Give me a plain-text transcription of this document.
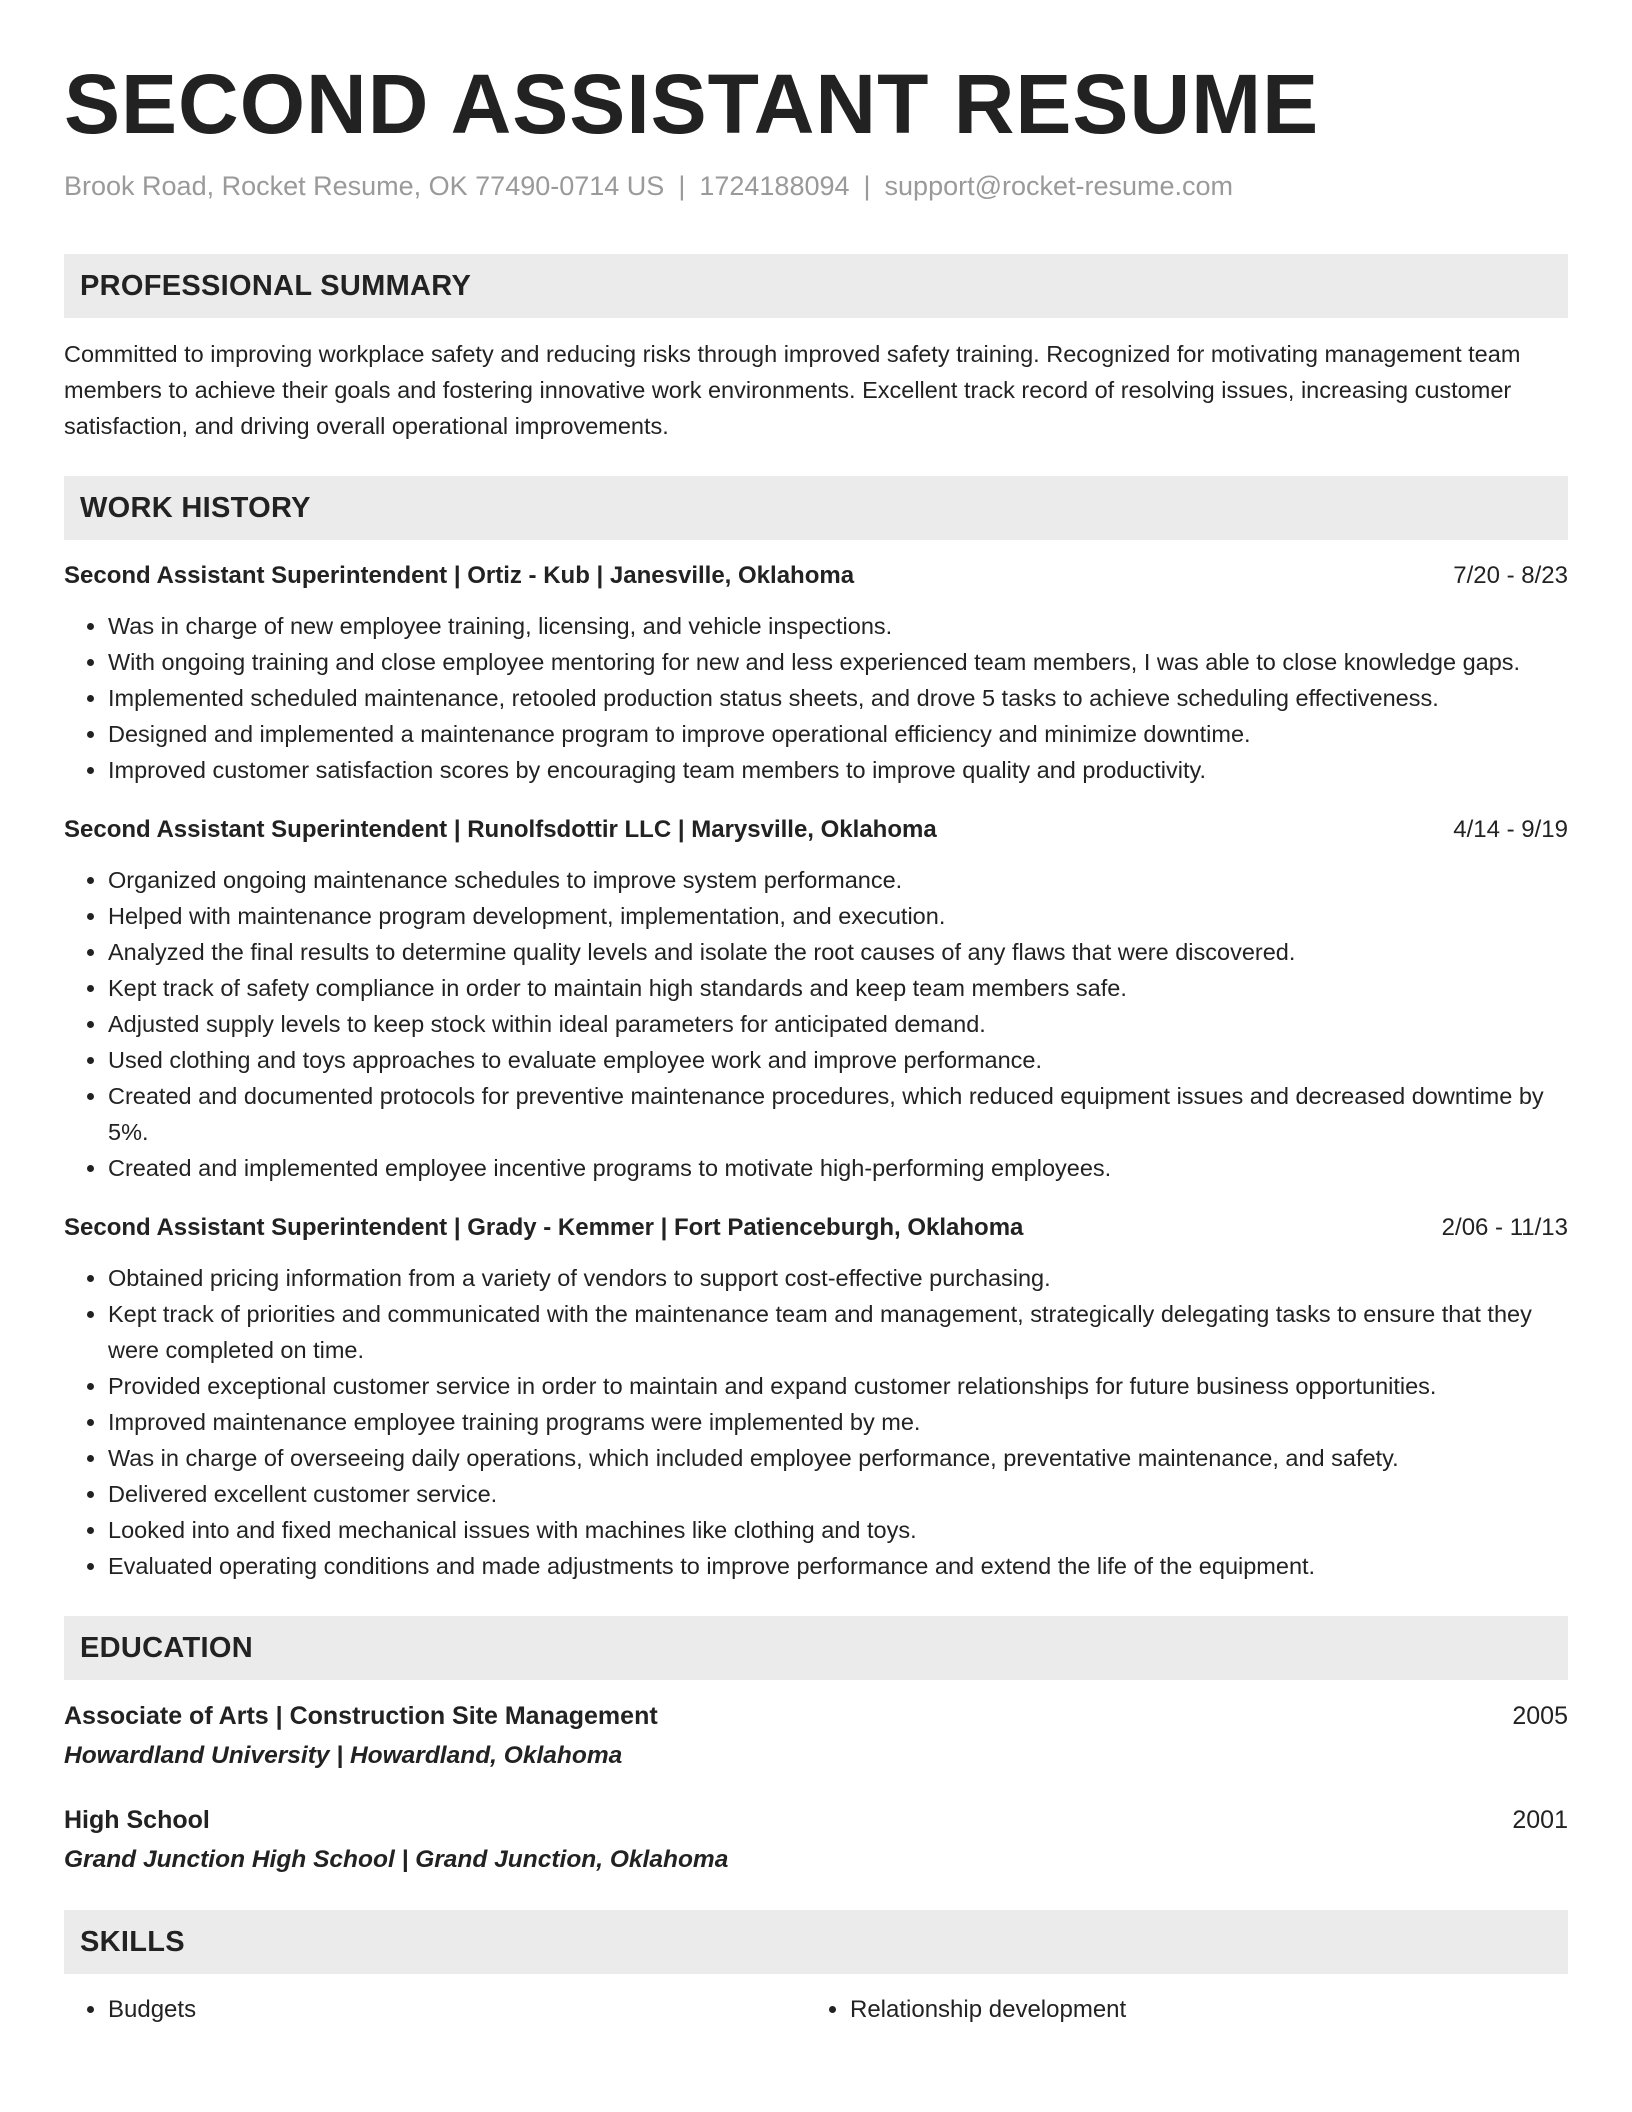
SECOND ASSISTANT RESUME
Brook Road, Rocket Resume, OK 77490-0714 US | 1724188094 | support@rocket-resume.com
PROFESSIONAL SUMMARY
Committed to improving workplace safety and reducing risks through improved safety training. Recognized for motivating management team members to achieve their goals and fostering innovative work environments. Excellent track record of resolving issues, increasing customer satisfaction, and driving overall operational improvements.
WORK HISTORY
Second Assistant Superintendent | Ortiz - Kub | Janesville, Oklahoma	7/20 - 8/23
• Was in charge of new employee training, licensing, and vehicle inspections.
• With ongoing training and close employee mentoring for new and less experienced team members, I was able to close knowledge gaps.
• Implemented scheduled maintenance, retooled production status sheets, and drove 5 tasks to achieve scheduling effectiveness.
• Designed and implemented a maintenance program to improve operational efficiency and minimize downtime.
• Improved customer satisfaction scores by encouraging team members to improve quality and productivity.
Second Assistant Superintendent | Runolfsdottir LLC | Marysville, Oklahoma	4/14 - 9/19
• Organized ongoing maintenance schedules to improve system performance.
• Helped with maintenance program development, implementation, and execution.
• Analyzed the final results to determine quality levels and isolate the root causes of any flaws that were discovered.
• Kept track of safety compliance in order to maintain high standards and keep team members safe.
• Adjusted supply levels to keep stock within ideal parameters for anticipated demand.
• Used clothing and toys approaches to evaluate employee work and improve performance.
• Created and documented protocols for preventive maintenance procedures, which reduced equipment issues and decreased downtime by 5%.
• Created and implemented employee incentive programs to motivate high-performing employees.
Second Assistant Superintendent | Grady - Kemmer | Fort Patienceburgh, Oklahoma	2/06 - 11/13
• Obtained pricing information from a variety of vendors to support cost-effective purchasing.
• Kept track of priorities and communicated with the maintenance team and management, strategically delegating tasks to ensure that they were completed on time.
• Provided exceptional customer service in order to maintain and expand customer relationships for future business opportunities.
• Improved maintenance employee training programs were implemented by me.
• Was in charge of overseeing daily operations, which included employee performance, preventative maintenance, and safety.
• Delivered excellent customer service.
• Looked into and fixed mechanical issues with machines like clothing and toys.
• Evaluated operating conditions and made adjustments to improve performance and extend the life of the equipment.
EDUCATION
Associate of Arts | Construction Site Management	2005
Howardland University | Howardland, Oklahoma
High School	2001
Grand Junction High School | Grand Junction, Oklahoma
SKILLS
• Budgets
•	Relationship development
